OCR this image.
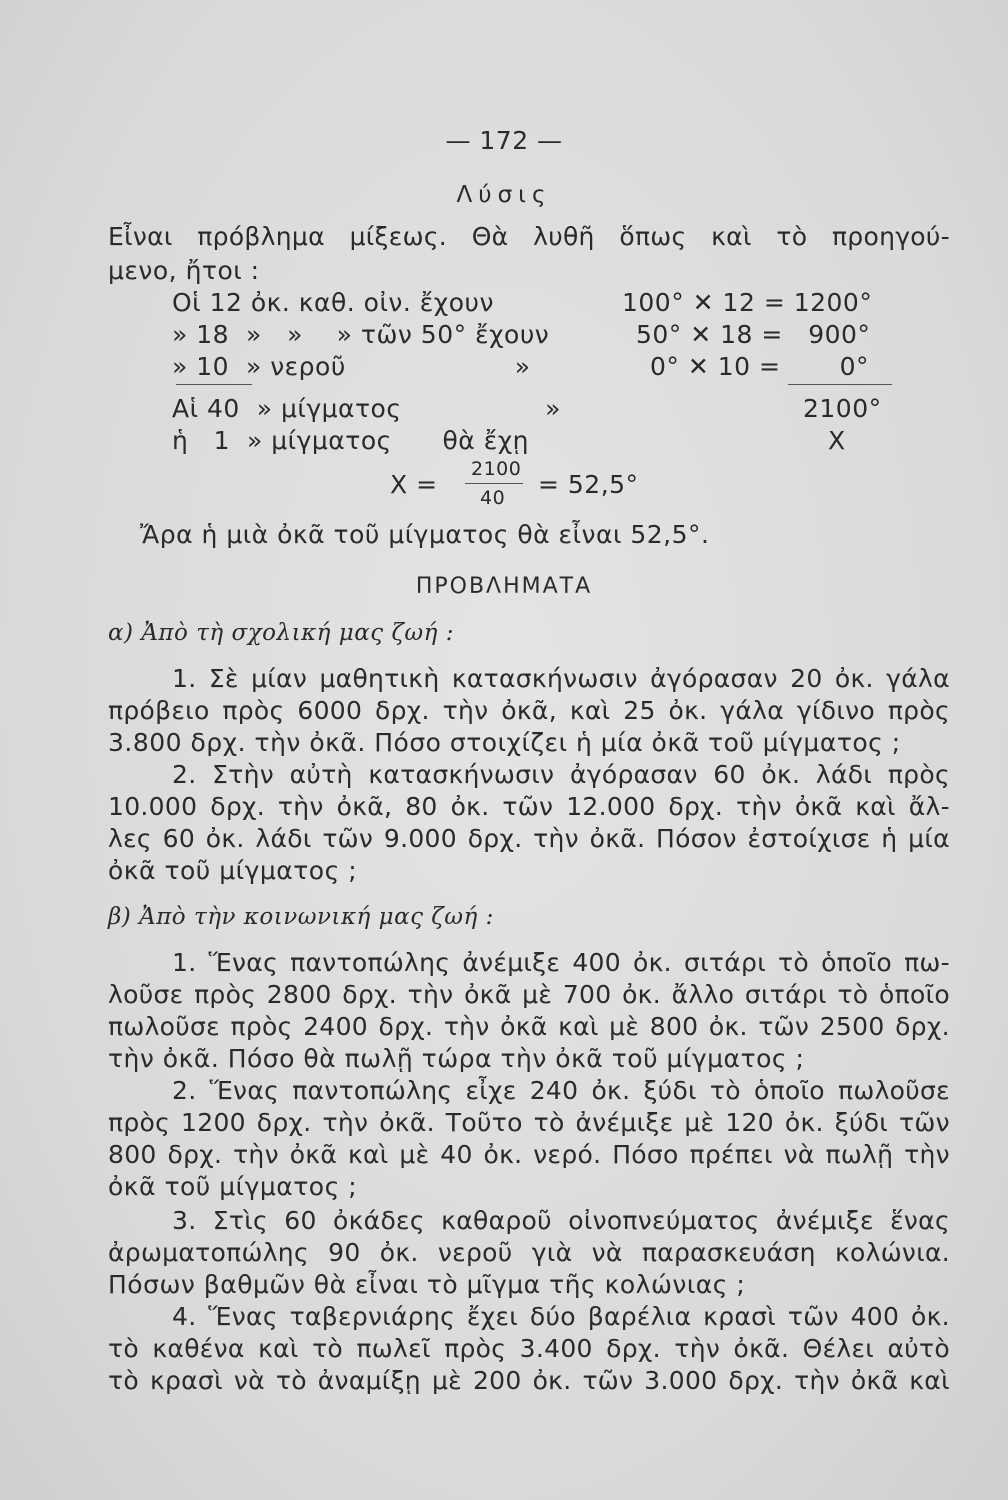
— 172 —
Λύσις
Εἶναι πρόβλημα μίξεως. Θὰ λυθῆ ὅπως καὶ τὸ προηγού-
μενο, ἤτοι :
Οἱ 12 ὀκ. καθ. οἰν. ἔχουν	100° ✕ 12 = 1200°
» 18  »   »    » τῶν 50° ἔχουν	50° ✕ 18 =   900°
» 10  » νεροῦ                    »	0° ✕ 10 =       0°
Αἱ 40  » μίγματος                 »	2100°
ἡ   1  » μίγματος      θὰ ἔχῃ	Χ
Χ =
2100
40 = 52,5°
Ἄρα ἡ μιὰ ὀκᾶ τοῦ μίγματος θὰ εἶναι 52,5°.
ΠΡΟΒΛΗΜΑΤΑ
α) Ἀπὸ τὴ σχολική μας ζωή :
1. Σὲ μίαν μαθητικὴ κατασκήνωσιν ἀγόρασαν 20 ὀκ. γάλα
πρόβειο πρὸς 6000 δρχ. τὴν ὀκᾶ, καὶ 25 ὀκ. γάλα γίδινο πρὸς
3.800 δρχ. τὴν ὀκᾶ. Πόσο στοιχίζει ἡ μία ὀκᾶ τοῦ μίγματος ;
2. Στὴν αὐτὴ κατασκήνωσιν ἀγόρασαν 60 ὀκ. λάδι πρὸς
10.000 δρχ. τὴν ὀκᾶ, 80 ὀκ. τῶν 12.000 δρχ. τὴν ὀκᾶ καὶ ἄλ-
λες 60 ὀκ. λάδι τῶν 9.000 δρχ. τὴν ὀκᾶ. Πόσον ἐστοίχισε ἡ μία
ὀκᾶ τοῦ μίγματος ;
β) Ἀπὸ τὴν κοινωνική μας ζωή :
1. Ἕνας παντοπώλης ἀνέμιξε 400 ὀκ. σιτάρι τὸ ὁποῖο πω-
λοῦσε πρὸς 2800 δρχ. τὴν ὀκᾶ μὲ 700 ὀκ. ἄλλο σιτάρι τὸ ὁποῖο
πωλοῦσε πρὸς 2400 δρχ. τὴν ὀκᾶ καὶ μὲ 800 ὀκ. τῶν 2500 δρχ.
τὴν ὀκᾶ. Πόσο θὰ πωλῇ τώρα τὴν ὀκᾶ τοῦ μίγματος ;
2. Ἕνας παντοπώλης εἶχε 240 ὀκ. ξύδι τὸ ὁποῖο πωλοῦσε
πρὸς 1200 δρχ. τὴν ὀκᾶ. Τοῦτο τὸ ἀνέμιξε μὲ 120 ὀκ. ξύδι τῶν
800 δρχ. τὴν ὀκᾶ καὶ μὲ 40 ὀκ. νερό. Πόσο πρέπει νὰ πωλῇ τὴν
ὀκᾶ τοῦ μίγματος ;
3. Στὶς 60 ὀκάδες καθαροῦ οἰνοπνεύματος ἀνέμιξε ἕνας
ἀρωματοπώλης 90 ὀκ. νεροῦ γιὰ νὰ παρασκευάση κολώνια.
Πόσων βαθμῶν θὰ εἶναι τὸ μῖγμα τῆς κολώνιας ;
4. Ἕνας ταβερνιάρης ἔχει δύο βαρέλια κρασὶ τῶν 400 ὀκ.
τὸ καθένα καὶ τὸ πωλεῖ πρὸς 3.400 δρχ. τὴν ὀκᾶ. Θέλει αὐτὸ
τὸ κρασὶ νὰ τὸ ἀναμίξῃ μὲ 200 ὀκ. τῶν 3.000 δρχ. τὴν ὀκᾶ καὶ
